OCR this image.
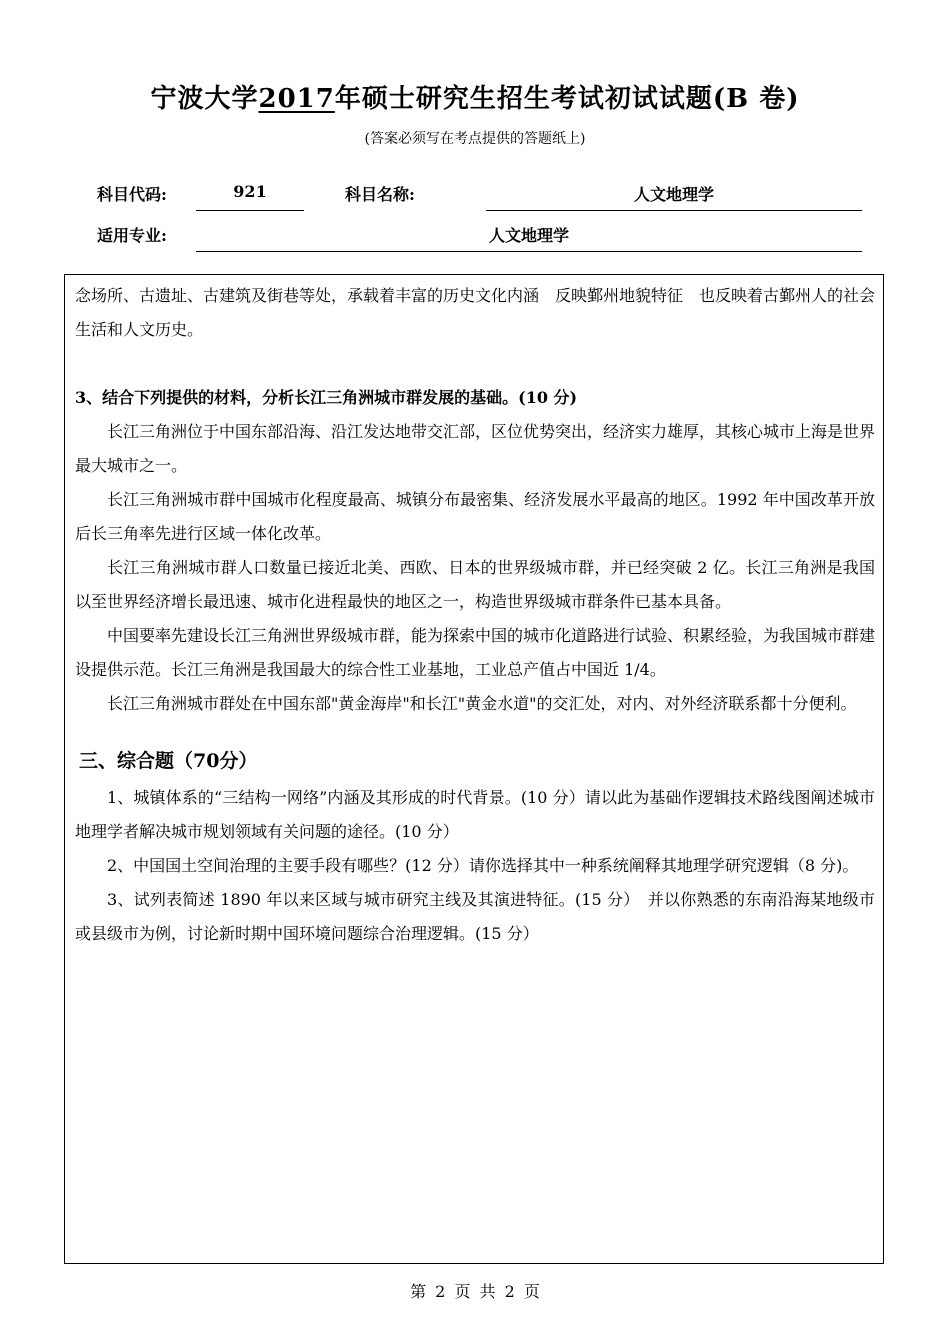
宁波大学2017年硕士研究生招生考试初试试题(B 卷)
(答案必须写在考点提供的答题纸上)
科目代码:	921	科目名称:	人文地理学
适用专业:	人文地理学

念场所、古遗址、古建筑及街巷等处，承载着丰富的历史文化内涵　反映鄞州地貌特征　也反映着古鄞州人的社会生活和人文历史。

3、结合下列提供的材料，分析长江三角洲城市群发展的基础。(10 分)

长江三角洲位于中国东部沿海、沿江发达地带交汇部，区位优势突出，经济实力雄厚，其核心城市上海是世界最大城市之一。

长江三角洲城市群中国城市化程度最高、城镇分布最密集、经济发展水平最高的地区。1992 年中国改革开放后长三角率先进行区域一体化改革。

长江三角洲城市群人口数量已接近北美、西欧、日本的世界级城市群，并已经突破 2 亿。长江三角洲是我国以至世界经济增长最迅速、城市化进程最快的地区之一，构造世界级城市群条件已基本具备。

中国要率先建设长江三角洲世界级城市群，能为探索中国的城市化道路进行试验、积累经验，为我国城市群建设提供示范。长江三角洲是我国最大的综合性工业基地，工业总产值占中国近 1/4。

长江三角洲城市群处在中国东部"黄金海岸"和长江"黄金水道"的交汇处，对内、对外经济联系都十分便利。

三、综合题（70分）

1、城镇体系的“三结构一网络”内涵及其形成的时代背景。(10 分）请以此为基础作逻辑技术路线图阐述城市地理学者解决城市规划领域有关问题的途径。(10 分）

2、中国国土空间治理的主要手段有哪些？(12 分）请你选择其中一种系统阐释其地理学研究逻辑（8 分)。

3、试列表简述 1890 年以来区域与城市研究主线及其演进特征。(15 分）　并以你熟悉的东南沿海某地级市或县级市为例，讨论新时期中国环境问题综合治理逻辑。(15 分）

第 2 页 共 2 页
